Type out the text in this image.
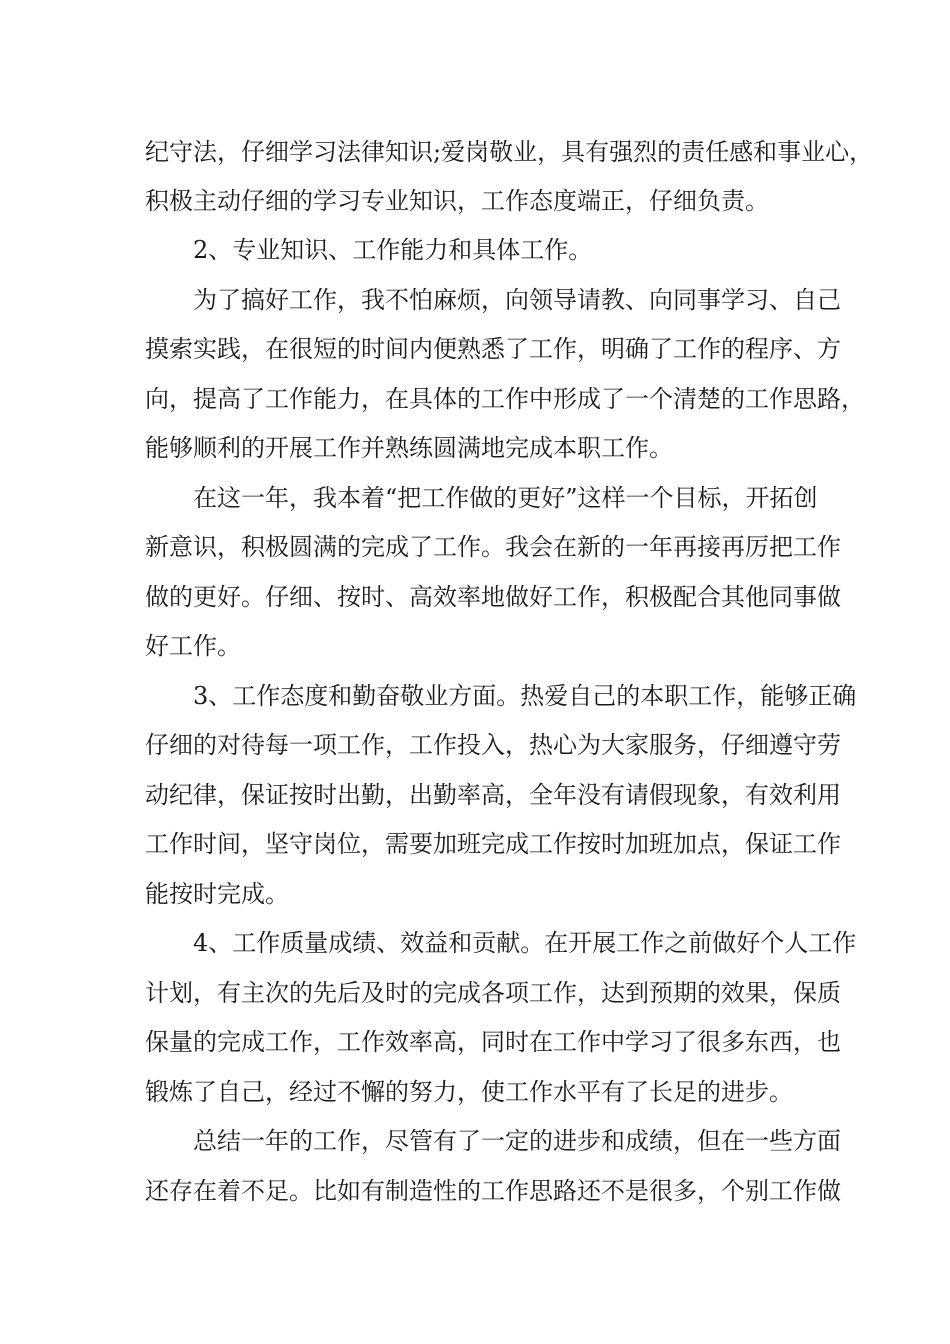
纪守法，仔细学习法律知识;爱岗敬业，具有强烈的责任感和事业心，
积极主动仔细的学习专业知识，工作态度端正，仔细负责。
2、专业知识、工作能力和具体工作。
为了搞好工作，我不怕麻烦，向领导请教、向同事学习、自己
摸索实践，在很短的时间内便熟悉了工作，明确了工作的程序、方
向，提高了工作能力，在具体的工作中形成了一个清楚的工作思路，
能够顺利的开展工作并熟练圆满地完成本职工作。
在这一年，我本着“把工作做的更好”这样一个目标，开拓创
新意识，积极圆满的完成了工作。我会在新的一年再接再厉把工作
做的更好。仔细、按时、高效率地做好工作，积极配合其他同事做
好工作。
3、工作态度和勤奋敬业方面。热爱自己的本职工作，能够正确
仔细的对待每一项工作，工作投入，热心为大家服务，仔细遵守劳
动纪律，保证按时出勤，出勤率高，全年没有请假现象，有效利用
工作时间，坚守岗位，需要加班完成工作按时加班加点，保证工作
能按时完成。
4、工作质量成绩、效益和贡献。在开展工作之前做好个人工作
计划，有主次的先后及时的完成各项工作，达到预期的效果，保质
保量的完成工作，工作效率高，同时在工作中学习了很多东西，也
锻炼了自己，经过不懈的努力，使工作水平有了长足的进步。
总结一年的工作，尽管有了一定的进步和成绩，但在一些方面
还存在着不足。比如有制造性的工作思路还不是很多，个别工作做
